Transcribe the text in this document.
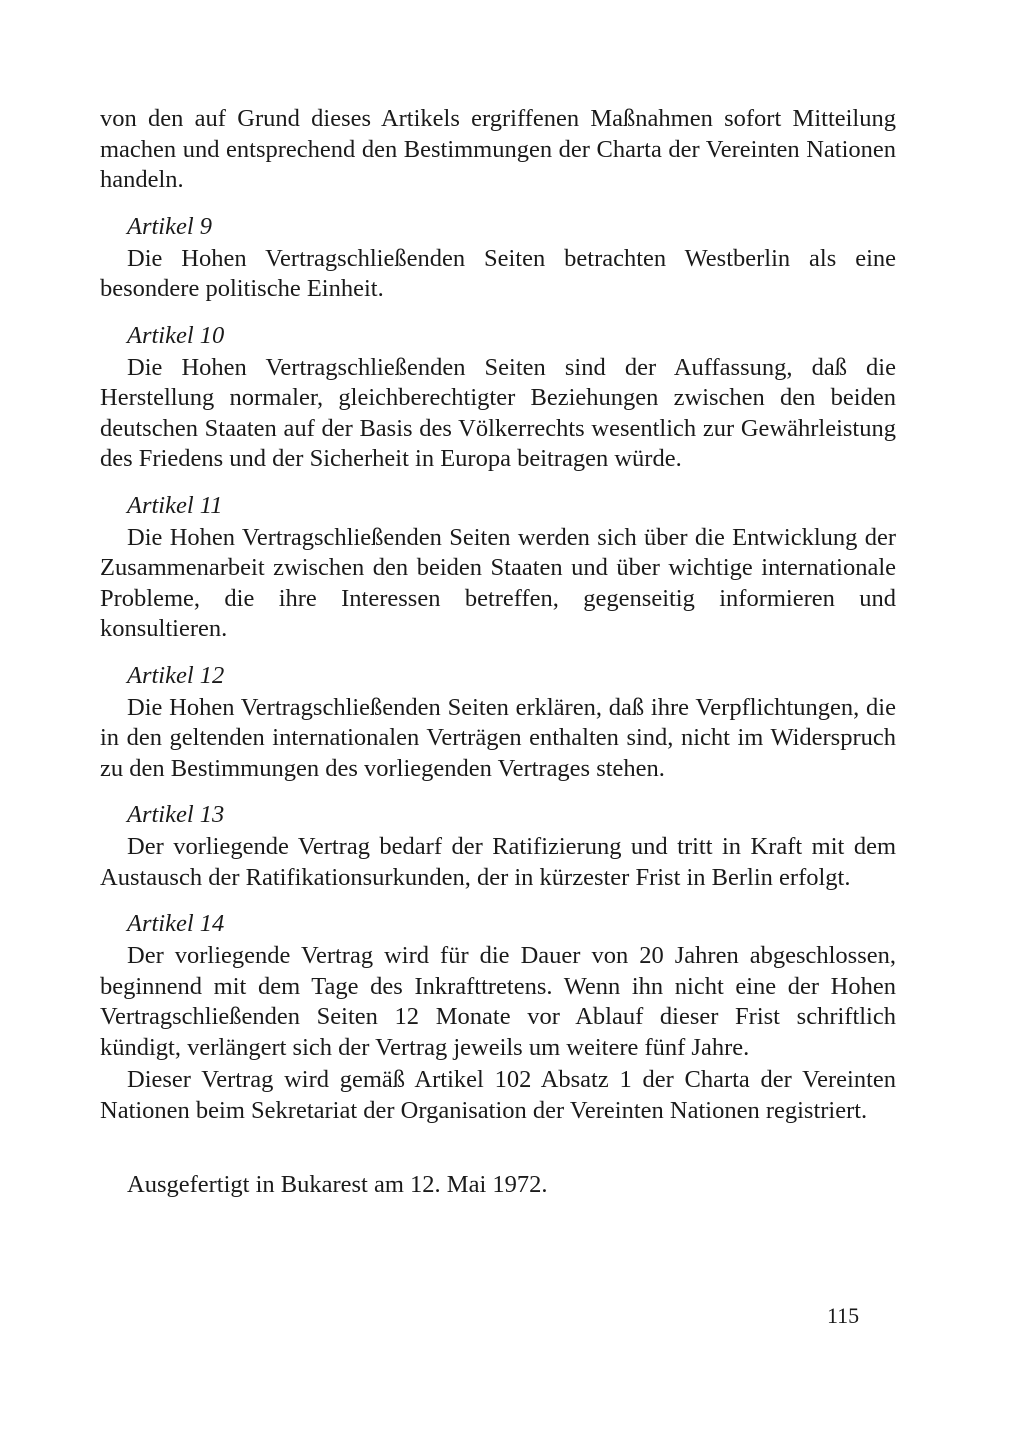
von den auf Grund dieses Artikels ergriffenen Maßnahmen sofort Mitteilung machen und entsprechend den Bestimmungen der Charta der Vereinten Nationen handeln.

Artikel 9

Die Hohen Vertragschließenden Seiten betrachten Westberlin als eine besondere politische Einheit.

Artikel 10

Die Hohen Vertragschließenden Seiten sind der Auffassung, daß die Herstellung normaler, gleichberechtigter Beziehungen zwischen den beiden deutschen Staaten auf der Basis des Völkerrechts wesentlich zur Gewährleistung des Friedens und der Sicherheit in Europa beitragen würde.

Artikel 11

Die Hohen Vertragschließenden Seiten werden sich über die Entwicklung der Zusammenarbeit zwischen den beiden Staaten und über wichtige internationale Probleme, die ihre Interessen betreffen, gegenseitig informieren und konsultieren.

Artikel 12

Die Hohen Vertragschließenden Seiten erklären, daß ihre Verpflichtungen, die in den geltenden internationalen Verträgen enthalten sind, nicht im Widerspruch zu den Bestimmungen des vorliegenden Vertrages stehen.

Artikel 13

Der vorliegende Vertrag bedarf der Ratifizierung und tritt in Kraft mit dem Austausch der Ratifikationsurkunden, der in kürzester Frist in Berlin erfolgt.

Artikel 14

Der vorliegende Vertrag wird für die Dauer von 20 Jahren abgeschlossen, beginnend mit dem Tage des Inkrafttretens. Wenn ihn nicht eine der Hohen Vertragschließenden Seiten 12 Monate vor Ablauf dieser Frist schriftlich kündigt, verlängert sich der Vertrag jeweils um weitere fünf Jahre.

Dieser Vertrag wird gemäß Artikel 102 Absatz 1 der Charta der Vereinten Nationen beim Sekretariat der Organisation der Vereinten Nationen registriert.

Ausgefertigt in Bukarest am 12. Mai 1972.

115
